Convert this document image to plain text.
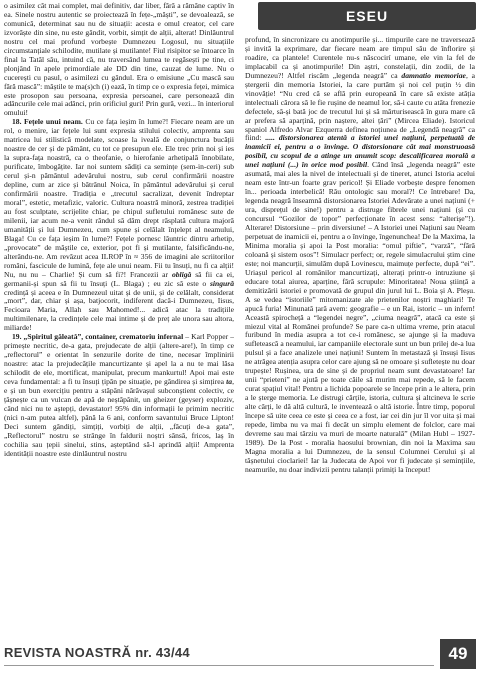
ESEU

o asimilez cât mai complet, mai definitiv, dar liber, fără a rămâne captiv în ea. Sinele nostru autentic se proiectează în fețe-„măști”, se devoalează, se comunică, determinat sau nu de situații: acesta e omul creator, cel care izvorăște din sine, nu este gândit, vorbit, simțit de alții, alterat! Dinlăuntrul nostru cel mai profund vorbește Dumnezeu Logosul, nu situațiile circumstanțiale schilodite, mutilate și mutilante! Fiul risipitor se întoarce în final la Tatăl său, intuind că, nu traversând lumea te regăsești pe tine, ci plonjând în apele primordiale ale DD din tine, cauzat de lume. Nu o cucerești cu pasul, o asimilezi cu gândul. Era o emisiune „Cu mască sau fără mască”: măștile te ma(s)ch (i) ează, în timp ce o expresia feței, mimica este prosopon sau persoana, expresia persoanei, care personează din adâncurile cele mai adânci, prin orificiul guri! Prin gură, vezi... în interiorul omului!

18. Fețele unui neam. Cu ce fața ieșim în lume?! Fiecare neam are un rol, o menire, iar fețele lui sunt expresia stilului colectiv, amprenta sau matricea lui stilistică modelate, scoase la iveală de conjunctura bucății noastre de cer și de pământ, cu tot ce presupun ele. Ele trec prin noi și ies la supra-fața noastră, ca o theofanie, o hierofanie arhetipală înnobilate, purificate, îmbogățite. Iar noi suntem sădiți ca semințe (sem-in-ceri) sub cerul și-n pământul adevărului nostru, sub cerul confirmării noastre depline, cum ar zice și bătrânul Noica, în pământul adevărului și cerul confirmării noastre. Tradiția e „trecutul sacralizat, devenit îndreptar moral”, estetic, metafizic, valoric. Cultura noastră minoră, zestrea tradiției au fost sculptate, scrijelite chiar, pe chipul sufletului românesc sute de milenii, iar acum ne-a venit rândul să dăm drept răsplată cultura majoră umanității și lui Dumnezeu, cum spune și celălalt înțelept al neamului, Blaga! Cu ce fața ieșim în lume?! Fețele pornesc lăuntric dintru arhetip, „provocate” de măștile ce, exterior, pot fi și mutilante, falsificându-ne, alterându-ne. Am revăzut acea ILROP în ≈ 356 de imagini ale scriitorilor români, fascicule de lumină, fețe ale unui neam. Fii tu însuți, nu fi ca alții! Nu, nu nu – Charlie! Și cum să fi?! Francezii ar obligă să fii ca ei, germanii-și spun să fii tu însuți (L. Blaga) ; eu zic să este o singură credință și aceea e în Dumnezeul uitat și de unii, și de celălalt, considerat „mort”, dar, chiar și așa, batjocorit, indiferent dacă-i Dumnezeu, Iisus, Fecioara Maria, Allah sau Mahomed!... adică atac la tradițiile multimilenare, la credințele cele mai intime și de preț ale unora sau altora, miliarde!

19. „Spiritul găleată”, container, crematoriu infernal – Karl Popper – primește necritic, de-a gata, prejudecate de alții (altere-are!), în timp ce „reflectorul” e orientat în senzurile dorite de tine, necesar împlinirii noastre: atac la prejudecățile mancurtizante și apel la a nu te mai lăsa schilodit de ele, mortificat, manipulat, precum mankurtul! Apoi mai este ceva fundamental: a fi tu însuți țipăn pe situație, pe gândirea și simțirea ta, e și un bun exercițiu pentru a stăpâni nărăvașul subconștient colectiv, ce țâșnește ca un vulcan de apă de neștăpânit, un gheizer (geyser) exploziv, când nici nu te aștepți, devastator! 95% din informații le primim necritic (nici n-am putea altfel), până la 6 ani, conform savantului Bruce Lipton! Deci suntem gândiți, simțiți, vorbiți de alții, „făcuți de-a gata”, „Reflectorul” nostru se strânge în faldurii noștri sănsă, fricos, laș în cochilia sau țepii sinelui, stins, așteptând să-l aprindă alții! Amprenta identității noastre este dinlăuntrul nostru

profund, în sincronizare cu anotimpurile și... timpurile care ne traversează și invită la exprimare, dar fiecare neam are timpul său de înflorire și roadire, ca plantele! Curentele nu-s născocirí umane, ele vin la fel de implacabil ca și anotimpurile! Din aștri, constelații, din zodii, de la Dumnezeu?! Altfel riscăm „legenda neagră” ca damnatio memoriae, a ștergerii din memoria Istoriei, la care purtăm și noi cel puțin ½ din vinovăție! “Nu cred că se află prin europeană în care să existe atâția intelectuali cărora să le fie rușine de neamul lor, să-i caute cu atâta frenezie defectele, să-și bată joc de trecutul lui și să mărturisească în gura mare că ar prefera să aparțină, prin naștere, altei țări” (Mircea Eliade). Istoricul spaniol Alfredo Alvar Ezquerra definea noțiunea de „Legendă neagră” ca fiind: ..... distorsionarea atentă a istoriei unei națiuni, perpetuată de inamicii ei, pentru a o învinge. O distorsionare cât mai monstruoasă posibil, cu scopul de a atinge un anumit scop: descalificarea morală a unei națiuni (...) în orice mod posibil. Când însă „legenda neagră” este asumată, mai ales la nivel de intelectuali și de tineret, atunci Istoria acelui neam este într-un foarte grav pericol! Și Eliade vorbește despre fenomen în... perioada interbelică! Rău ontologic sau moral?! Ce întrebare! Da, legenda neagră înseamnă distorsionarea Istoriei Adevărate a unei națiuni (+ ura, disprețul de sine!) pentru a distruge fibrele unei națiuni (și cu concursul “Gozilor de topor” perfecționate în acest sens: “alterișe”!). Alterare! Distorsiune – prin diversiune! – A Istoriei unei Națiuni sau Neam perpetuat de inamicii ei, pentru a o învinge, îngenunchea! De la Maxima, la Minima moralia și apoi la Post moralia: “omul piftie”, “varză”, “fără coloană și sistem osos”! Simulacr perfect; or, regele simulacrului știm cine este; noi mancurții, simulăm după Lovinescu, maimuțe perfecte, după “ei”. Uriașul pericol al românilor mancurtizați, alterați printr-o intruziune și educare total aiurea, aparține, fără scrupule: Minoritatea! Noua știință a demitizării istoriei e promovată de grupul din jurul lui L. Boia și A. Pleșu. A se vedea “istoriile” mitomanizate ale prietenilor noștri maghiari! Te apucă furia! Minunată țară avem: geografie – e un Rai, istoric – un infern! Această spirocheță a “legendei negre”, „ciuma neagră”, atacă ca este și miezul vital al Românei profunde? Se pare ca-n ultima vreme, prin atacul furibund în media asupra a tot ce-i românesc, se ajunge și la maduva sufletească a neamului, iar campaniile electorale sunt un bun prilej de-a lua pulsul și a face analizele unei națiuni! Suntem în metastază și însuși Iisus ne atrăgea atenția asupra celor care ajung să ne omoare și sufletește nu doar trupește! Rușinea, ura de sine și de propriul neam sunt devastatoare! Iar unii “prieteni” ne ajută pe toate căile să murim mai repede, să le facem curat spațiul vital! Pentru a lichida popoarele se începe prin a le altera, prin a le șterge memoria. Le distrugi cărțile, istoria, cultura și altcineva le scrie alte cărți, le dă altă cultură, le inventează o altă istorie. Între timp, poporul începe să uite ceea ce este și ceea ce a fost, iar cei din jur îl vor uita și mai repede, limba nu va mai fi decât un simplu element de folclor, care mai devreme sau mai târziu va muri de moarte naturală” (Milan Hubl – 1927-1989). De la Post - moralia haosului brownian, din noi la Maxima sau Magna moralia a lui Dumnezeu, de la sensul Columnei Cerului și al tășnetului cioclariei! Iar la Judecata de Apoi vor fi judecate și semințiile, neamurile, nu doar indivizii pentru talanții primiți la început!

REVISTA NOASTRĂ nr. 43/44	49
